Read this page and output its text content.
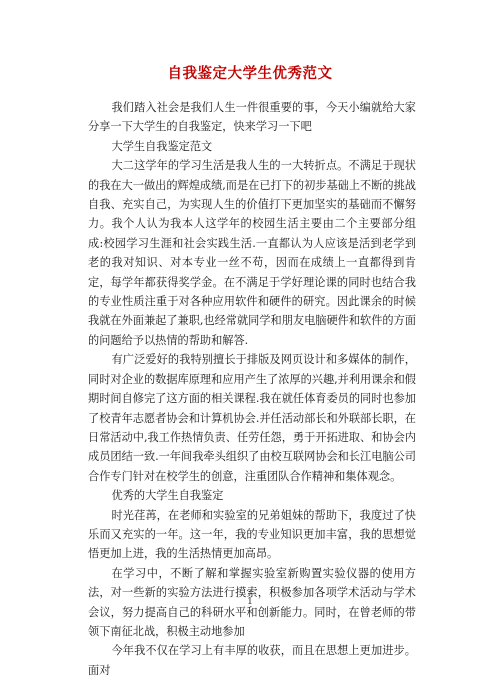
自我鉴定大学生优秀范文

我们踏入社会是我们人生一件很重要的事，今天小编就给大家分享一下大学生的自我鉴定，快来学习一下吧

大学生自我鉴定范文

大二这学年的学习生活是我人生的一大转折点。不满足于现状的我在大一做出的辉煌成绩,而是在已打下的初步基础上不断的挑战自我、充实自己，为实现人生的价值打下更加坚实的基础而不懈努力。我个人认为我本人这学年的校园生活主要由二个主要部分组成:校园学习生涯和社会实践生活.一直都认为人应该是活到老学到老的我对知识、对本专业一丝不苟，因而在成绩上一直都得到肯定，每学年都获得奖学金。在不满足于学好理论课的同时也结合我的专业性质注重于对各种应用软件和硬件的研究。因此课余的时候我就在外面兼起了兼职,也经常就同学和朋友电脑硬件和软件的方面的问题给予以热情的帮助和解答.

有广泛爱好的我特别擅长于排版及网页设计和多媒体的制作，同时对企业的数据库原理和应用产生了浓厚的兴趣,并利用课余和假期时间自修完了这方面的相关课程.我在就任体育委员的同时也参加了校青年志愿者协会和计算机协会.并任活动部长和外联部长职，在日常活动中,我工作热情负责、任劳任怨，勇于开拓进取、和协会内成员团结一致.一年间我牵头组织了由校互联网协会和长江电脑公司合作专门针对在校学生的创意，注重团队合作精神和集体观念。

优秀的大学生自我鉴定

时光荏苒，在老师和实验室的兄弟姐妹的帮助下，我度过了快乐而又充实的一年。这一年，我的专业知识更加丰富，我的思想觉悟更加上进，我的生活热情更加高昂。

在学习中，不断了解和掌握实验室新购置实验仪器的使用方法，对一些新的实验方法进行摸索，积极参加各项学术活动与学术会议，努力提高自己的科研水平和创新能力。同时，在曾老师的带领下南征北战，积极主动地参加

今年我不仅在学习上有丰厚的收获，而且在思想上更加进步。面对

1
